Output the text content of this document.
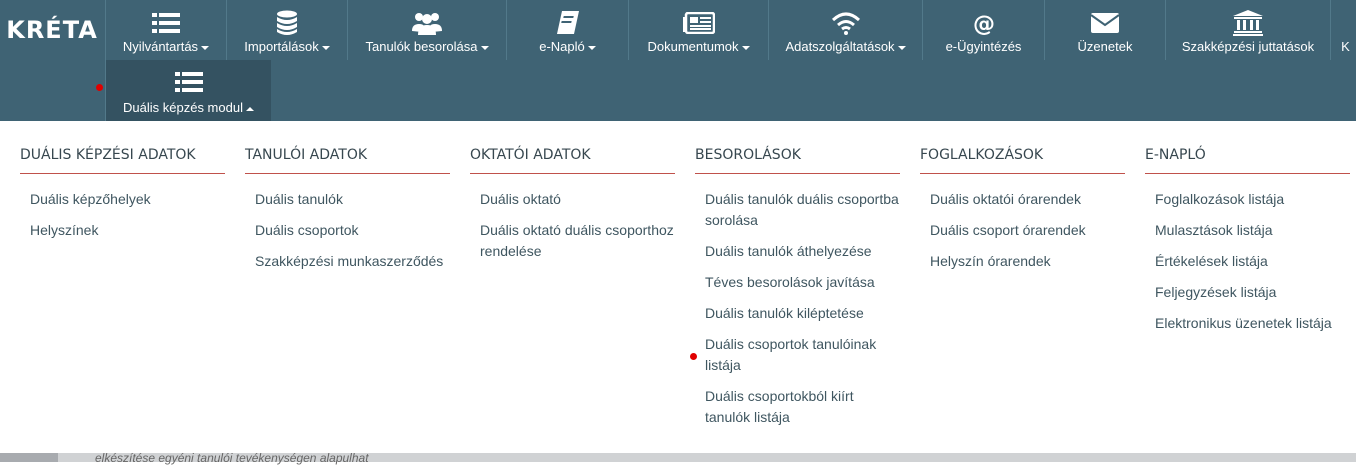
KRÉTA
Nyilvántartás	Importálások	Tanulók besorolása	e-Napló	Dokumentumok	Adatszolgáltatások
@
e-Ügyintézés	Üzenetek	Szakképzési juttatások K
Duális képzés modul
DUÁLIS KÉPZÉSI ADATOK
Duális képzőhelyek
Helyszínek
TANULÓI ADATOK
Duális tanulók
Duális csoportok
Szakképzési munkaszerződés
OKTATÓI ADATOK
Duális oktató
Duális oktató duális csoporthoz rendelése
BESOROLÁSOK
Duális tanulók duális csoportba sorolása
Duális tanulók áthelyezése
Téves besorolások javítása
Duális tanulók kiléptetése
Duális csoportok tanulóinak listája
Duális csoportokból kiírt tanulók listája
FOGLALKOZÁSOK
Duális oktatói órarendek
Duális csoport órarendek
Helyszín órarendek
E-NAPLÓ
Foglalkozások listája
Mulasztások listája
Értékelések listája
Feljegyzések listája
Elektronikus üzenetek listája
elkészítése egyéni tanulói tevékenységen alapulhat
